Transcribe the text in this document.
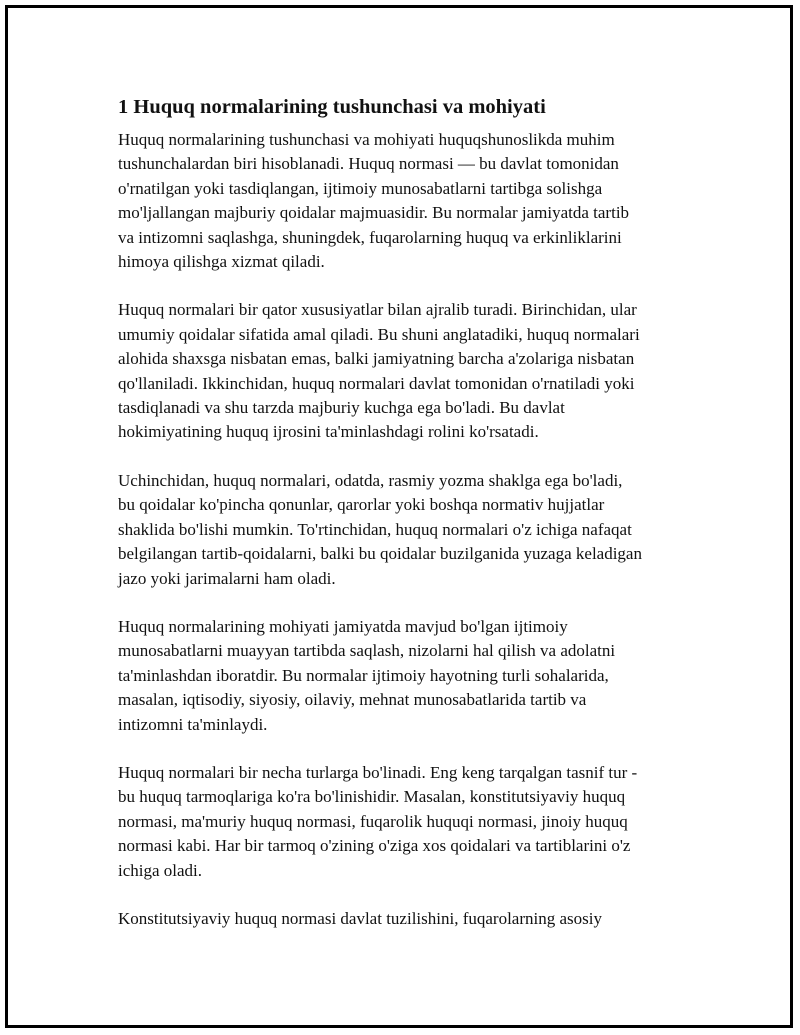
1 Huquq normalarining tushunchasi va mohiyati
Huquq normalarining tushunchasi va mohiyati huquqshunoslikda muhim
tushunchalardan biri hisoblanadi. Huquq normasi — bu davlat tomonidan
o'rnatilgan yoki tasdiqlangan, ijtimoiy munosabatlarni tartibga solishga
mo'ljallangan majburiy qoidalar majmuasidir. Bu normalar jamiyatda tartib
va intizomni saqlashga, shuningdek, fuqarolarning huquq va erkinliklarini
himoya qilishga xizmat qiladi.
Huquq normalari bir qator xususiyatlar bilan ajralib turadi. Birinchidan, ular
umumiy qoidalar sifatida amal qiladi. Bu shuni anglatadiki, huquq normalari
alohida shaxsga nisbatan emas, balki jamiyatning barcha a'zolariga nisbatan
qo'llaniladi. Ikkinchidan, huquq normalari davlat tomonidan o'rnatiladi yoki
tasdiqlanadi va shu tarzda majburiy kuchga ega bo'ladi. Bu davlat
hokimiyatining huquq ijrosini ta'minlashdagi rolini ko'rsatadi.
Uchinchidan, huquq normalari, odatda, rasmiy yozma shaklga ega bo'ladi,
bu qoidalar ko'pincha qonunlar, qarorlar yoki boshqa normativ hujjatlar
shaklida bo'lishi mumkin. To'rtinchidan, huquq normalari o'z ichiga nafaqat
belgilangan tartib-qoidalarni, balki bu qoidalar buzilganida yuzaga keladigan
jazo yoki jarimalarni ham oladi.
Huquq normalarining mohiyati jamiyatda mavjud bo'lgan ijtimoiy
munosabatlarni muayyan tartibda saqlash, nizolarni hal qilish va adolatni
ta'minlashdan iboratdir. Bu normalar ijtimoiy hayotning turli sohalarida,
masalan, iqtisodiy, siyosiy, oilaviy, mehnat munosabatlarida tartib va
intizomni ta'minlaydi.
Huquq normalari bir necha turlarga bo'linadi. Eng keng tarqalgan tasnif tur -
bu huquq tarmoqlariga ko'ra bo'linishidir. Masalan, konstitutsiyaviy huquq
normasi, ma'muriy huquq normasi, fuqarolik huquqi normasi, jinoiy huquq
normasi kabi. Har bir tarmoq o'zining o'ziga xos qoidalari va tartiblarini o'z
ichiga oladi.
Konstitutsiyaviy huquq normasi davlat tuzilishini, fuqarolarning asosiy
